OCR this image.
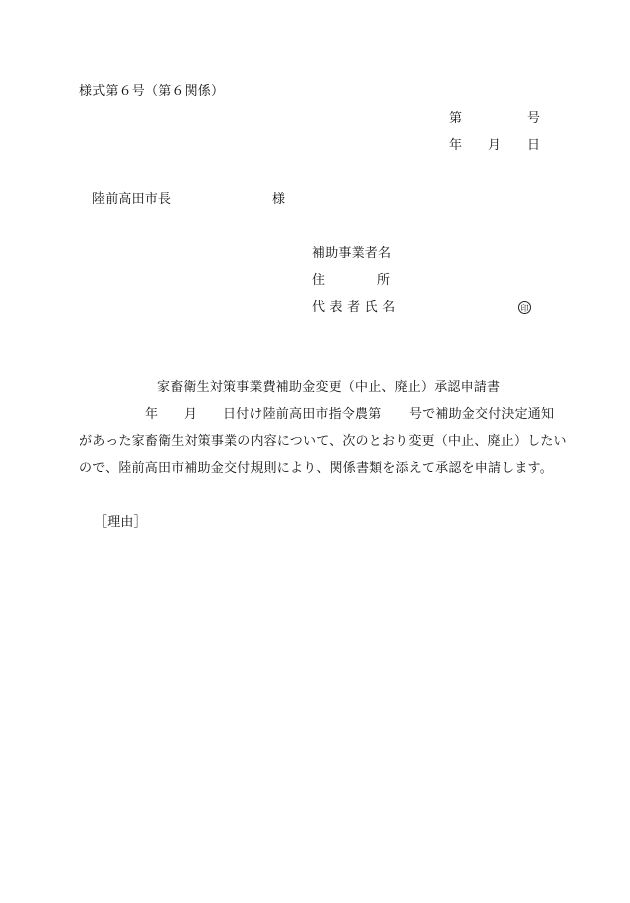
様式第６号（第６関係）
第	号
年 月 日
陸前高田市長	様
補助事業者名
住	所
代 表 者 氏 名	印
家畜衛生対策事業費補助金変更（中止、廃止）承認申請書
年 月 日付け陸前高田市指令農第 号で補助金交付決定通知
があった家畜衛生対策事業の内容について、次のとおり変更（中止、廃止）したい
ので、陸前高田市補助金交付規則により、関係書類を添えて承認を申請します。
［理由］
